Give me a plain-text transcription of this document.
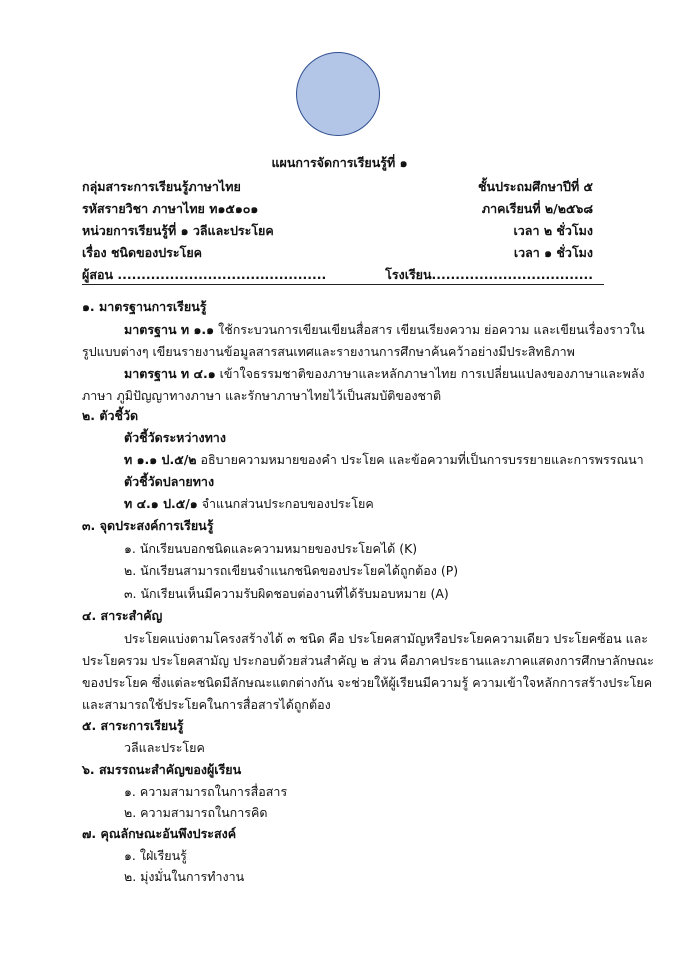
แผนการจัดการเรียนรู้ที่ ๑
กลุ่มสาระการเรียนรู้ภาษาไทย	ชั้นประถมศึกษาปีที่ ๕
รหัสรายวิชา ภาษาไทย ท๑๕๑๐๑	ภาคเรียนที่ ๒/๒๕๖๘
หน่วยการเรียนรู้ที่ ๑ วลีและประโยค	เวลา ๒ ชั่วโมง
เรื่อง ชนิดของประโยค	เวลา ๑ ชั่วโมง
ผู้สอน ............................................	โรงเรียน..................................
๑. มาตรฐานการเรียนรู้
มาตรฐาน ท ๑.๑ ใช้กระบวนการเขียนเขียนสื่อสาร เขียนเรียงความ ย่อความ และเขียนเรื่องราวใน
รูปแบบต่างๆ เขียนรายงานข้อมูลสารสนเทศและรายงานการศึกษาค้นคว้าอย่างมีประสิทธิภาพ
มาตรฐาน ท ๔.๑ เข้าใจธรรมชาติของภาษาและหลักภาษาไทย การเปลี่ยนแปลงของภาษาและพลัง
ภาษา ภูมิปัญญาทางภาษา และรักษาภาษาไทยไว้เป็นสมบัติของชาติ
๒. ตัวชี้วัด
ตัวชี้วัดระหว่างทาง
ท ๑.๑ ป.๕/๒ อธิบายความหมายของคำ ประโยค และข้อความที่เป็นการบรรยายและการพรรณนา
ตัวชี้วัดปลายทาง
ท ๔.๑ ป.๕/๑ จำแนกส่วนประกอบของประโยค
๓. จุดประสงค์การเรียนรู้
๑. นักเรียนบอกชนิดและความหมายของประโยคได้ (K)
๒. นักเรียนสามารถเขียนจำแนกชนิดของประโยคได้ถูกต้อง (P)
๓. นักเรียนเห็นมีความรับผิดชอบต่องานที่ได้รับมอบหมาย (A)
๔. สาระสำคัญ
ประโยคแบ่งตามโครงสร้างได้ ๓ ชนิด คือ ประโยคสามัญหรือประโยคความเดียว ประโยคซ้อน และ
ประโยครวม ประโยคสามัญ ประกอบด้วยส่วนสำคัญ ๒ ส่วน คือภาคประธานและภาคแสดงการศึกษาลักษณะ
ของประโยค ซึ่งแต่ละชนิดมีลักษณะแตกต่างกัน จะช่วยให้ผู้เรียนมีความรู้ ความเข้าใจหลักการสร้างประโยค
และสามารถใช้ประโยคในการสื่อสารได้ถูกต้อง
๕. สาระการเรียนรู้
วลีและประโยค
๖. สมรรถนะสำคัญของผู้เรียน
๑. ความสามารถในการสื่อสาร
๒. ความสามารถในการคิด
๗. คุณลักษณะอันพึงประสงค์
๑. ใฝ่เรียนรู้
๒. มุ่งมั่นในการทำงาน
